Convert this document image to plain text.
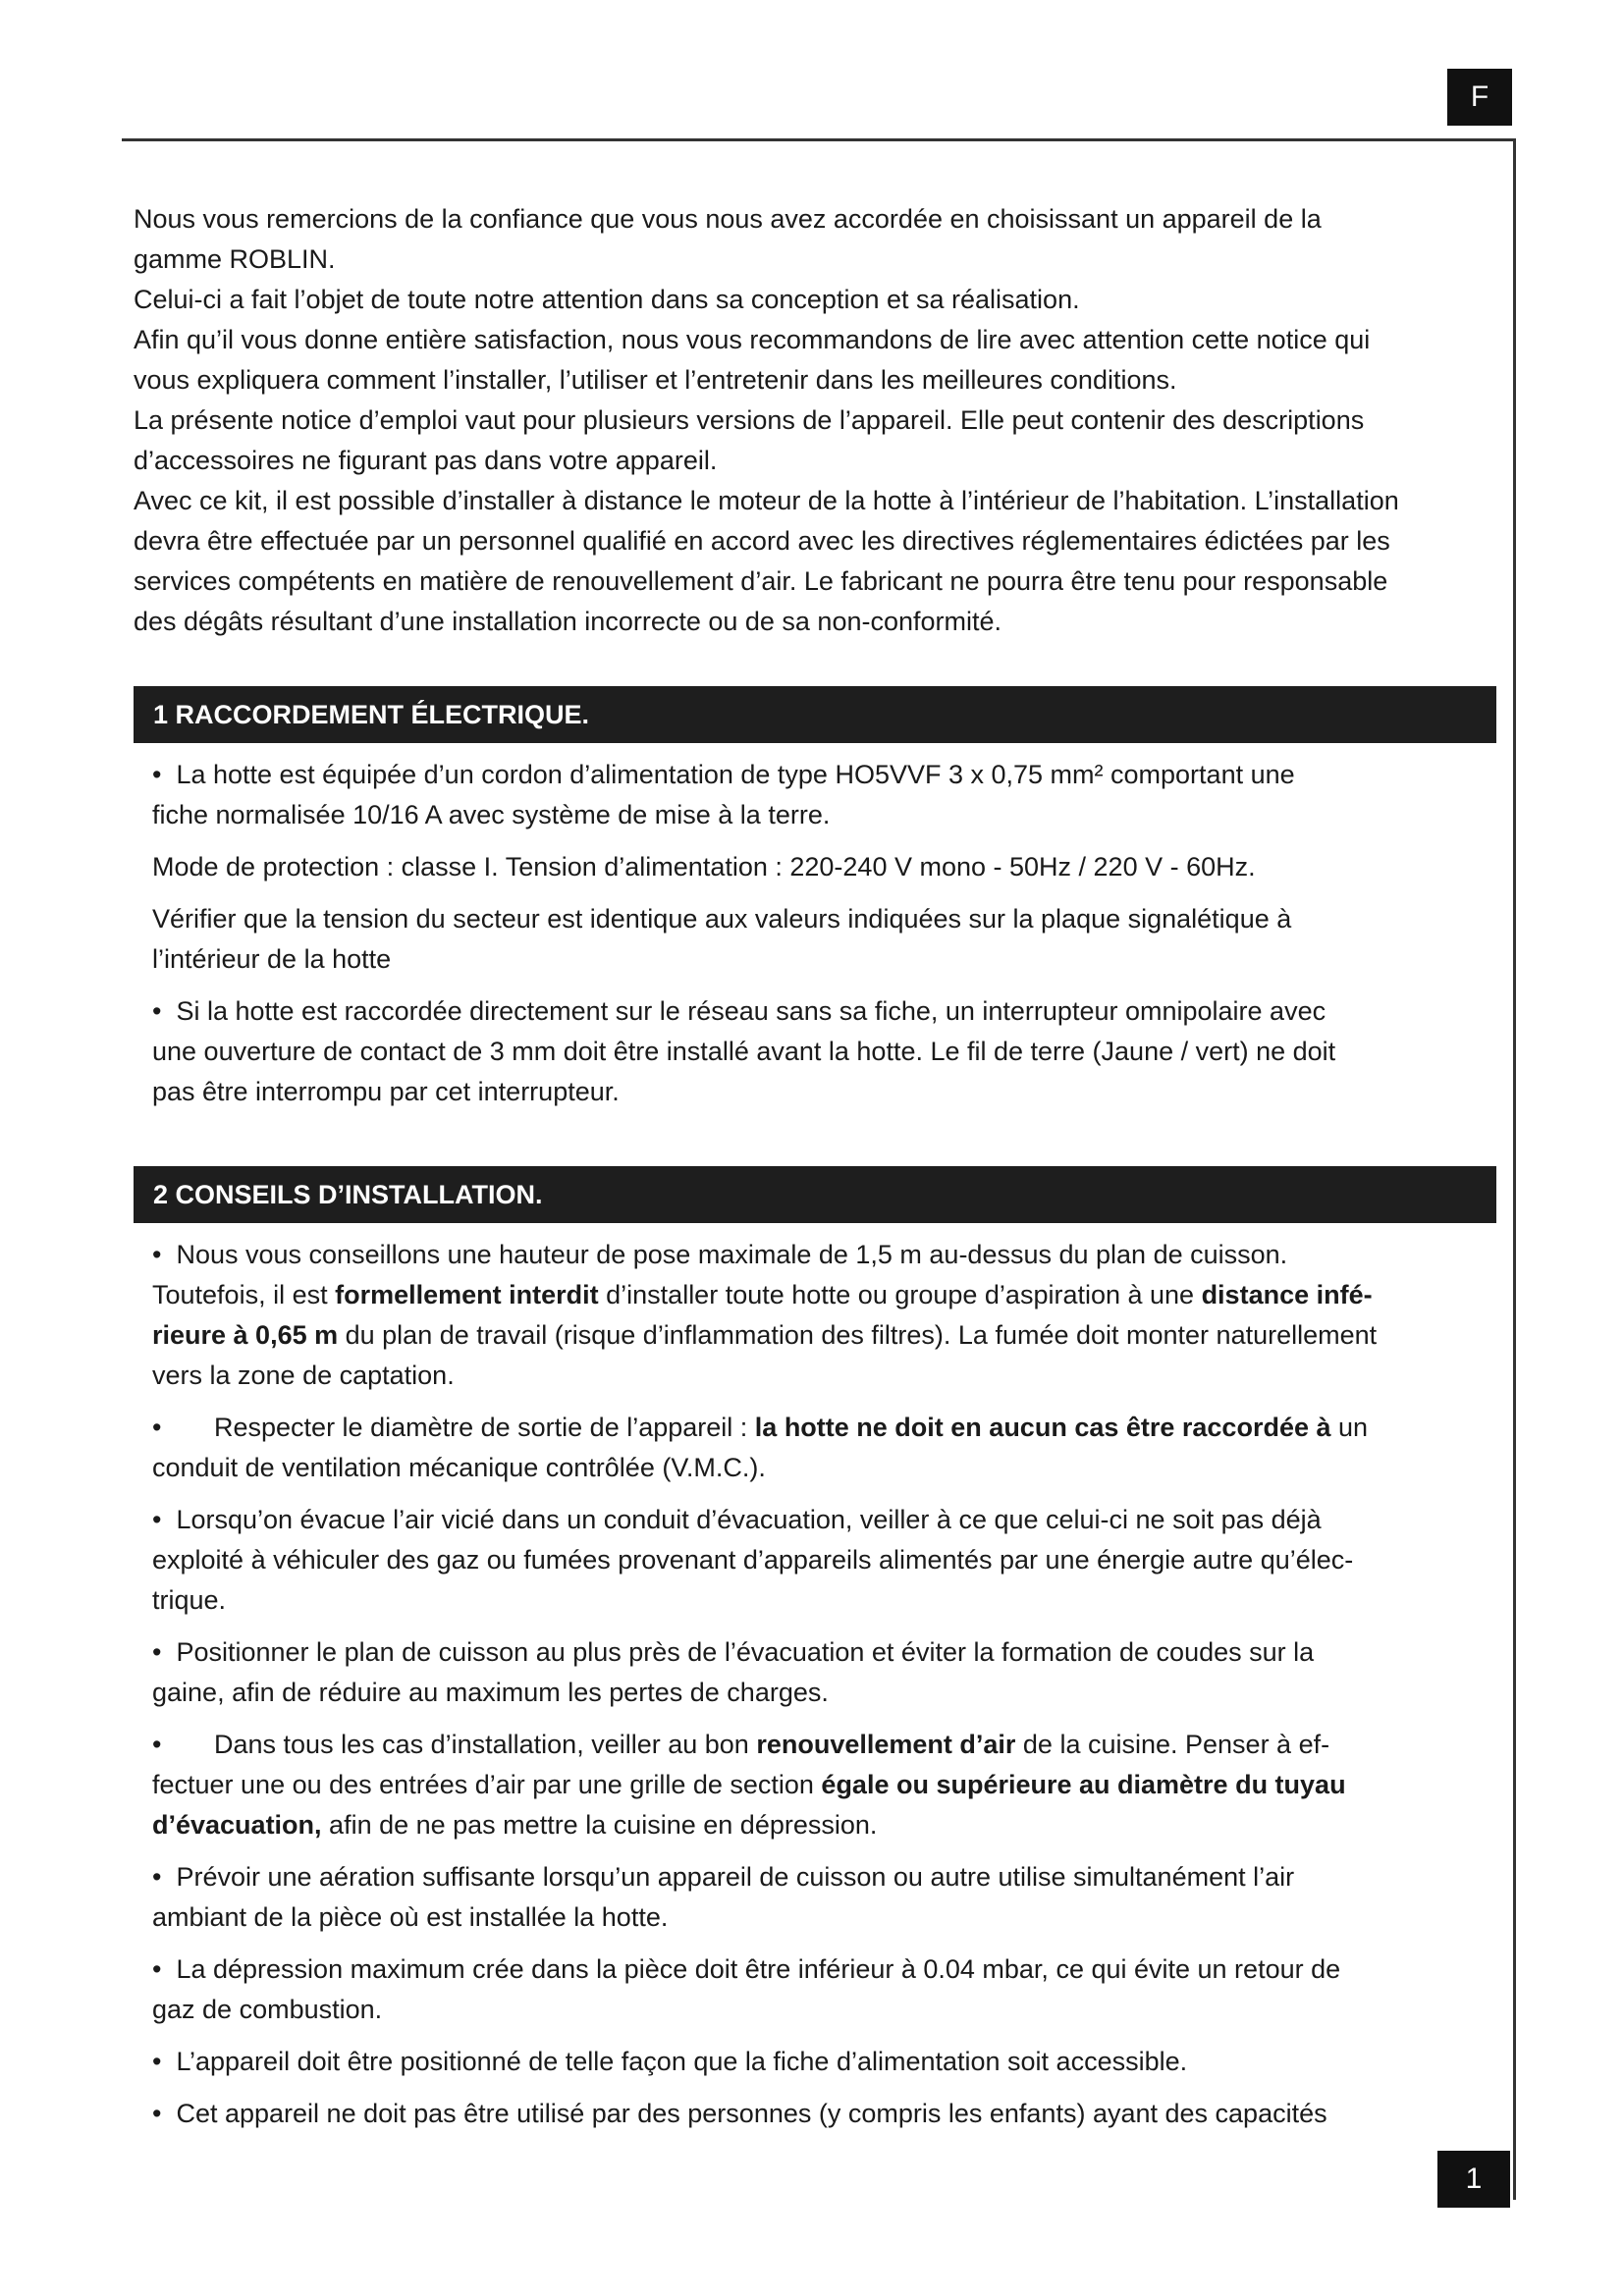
F

Nous vous remercions de la confiance que vous nous avez accordée en choisissant un appareil de la

gamme ROBLIN.

Celui-ci a fait l’objet de toute notre attention dans sa conception et sa réalisation.

Afin qu’il vous donne entière satisfaction, nous vous recommandons de lire avec attention cette notice qui

vous expliquera comment l’installer, l’utiliser et l’entretenir dans les meilleures conditions.

La présente notice d’emploi vaut pour plusieurs versions de l’appareil. Elle peut contenir des descriptions

d’accessoires ne figurant pas dans votre appareil.

Avec ce kit, il est possible d’installer à distance le moteur de la hotte à l’intérieur de l’habitation. L’installation

devra être effectuée par un personnel qualifié en accord avec les directives réglementaires édictées par les

services compétents en matière de renouvellement d’air. Le fabricant ne pourra être tenu pour responsable

des dégâts résultant d’une installation incorrecte ou de sa non-conformité.

1 RACCORDEMENT ÉLECTRIQUE.

• La hotte est équipée d’un cordon d’alimentation de type HO5VVF 3 x 0,75 mm² comportant une
fiche normalisée 10/16 A avec système de mise à la terre.

Mode de protection : classe I. Tension d’alimentation : 220-240 V mono - 50Hz / 220 V - 60Hz.

Vérifier que la tension du secteur est identique aux valeurs indiquées sur la plaque signalétique à
l’intérieur de la hotte

• Si la hotte est raccordée directement sur le réseau sans sa fiche, un interrupteur omnipolaire avec
une ouverture de contact de 3 mm doit être installé avant la hotte. Le fil de terre (Jaune / vert) ne doit
pas être interrompu par cet interrupteur.

2 CONSEILS D’INSTALLATION.

• Nous vous conseillons une hauteur de pose maximale de 1,5 m au-dessus du plan de cuisson.
Toutefois, il est formellement interdit d’installer toute hotte ou groupe d’aspiration à une distance infé-
rieure à 0,65 m du plan de travail (risque d’inflammation des filtres). La fumée doit monter naturellement
vers la zone de captation.

• Respecter le diamètre de sortie de l’appareil : la hotte ne doit en aucun cas être raccordée à un
conduit de ventilation mécanique contrôlée (V.M.C.).

• Lorsqu’on évacue l’air vicié dans un conduit d’évacuation, veiller à ce que celui-ci ne soit pas déjà
exploité à véhiculer des gaz ou fumées provenant d’appareils alimentés par une énergie autre qu’élec-
trique.

• Positionner le plan de cuisson au plus près de l’évacuation et éviter la formation de coudes sur la
gaine, afin de réduire au maximum les pertes de charges.

• Dans tous les cas d’installation, veiller au bon renouvellement d’air de la cuisine. Penser à ef-
fectuer une ou des entrées d’air par une grille de section égale ou supérieure au diamètre du tuyau
d’évacuation, afin de ne pas mettre la cuisine en dépression.

• Prévoir une aération suffisante lorsqu’un appareil de cuisson ou autre utilise simultanément l’air
ambiant de la pièce où est installée la hotte.

• La dépression maximum crée dans la pièce doit être inférieur à 0.04 mbar, ce qui évite un retour de
gaz de combustion.

• L’appareil doit être positionné de telle façon que la fiche d’alimentation soit accessible.

• Cet appareil ne doit pas être utilisé par des personnes (y compris les enfants) ayant des capacités

1
